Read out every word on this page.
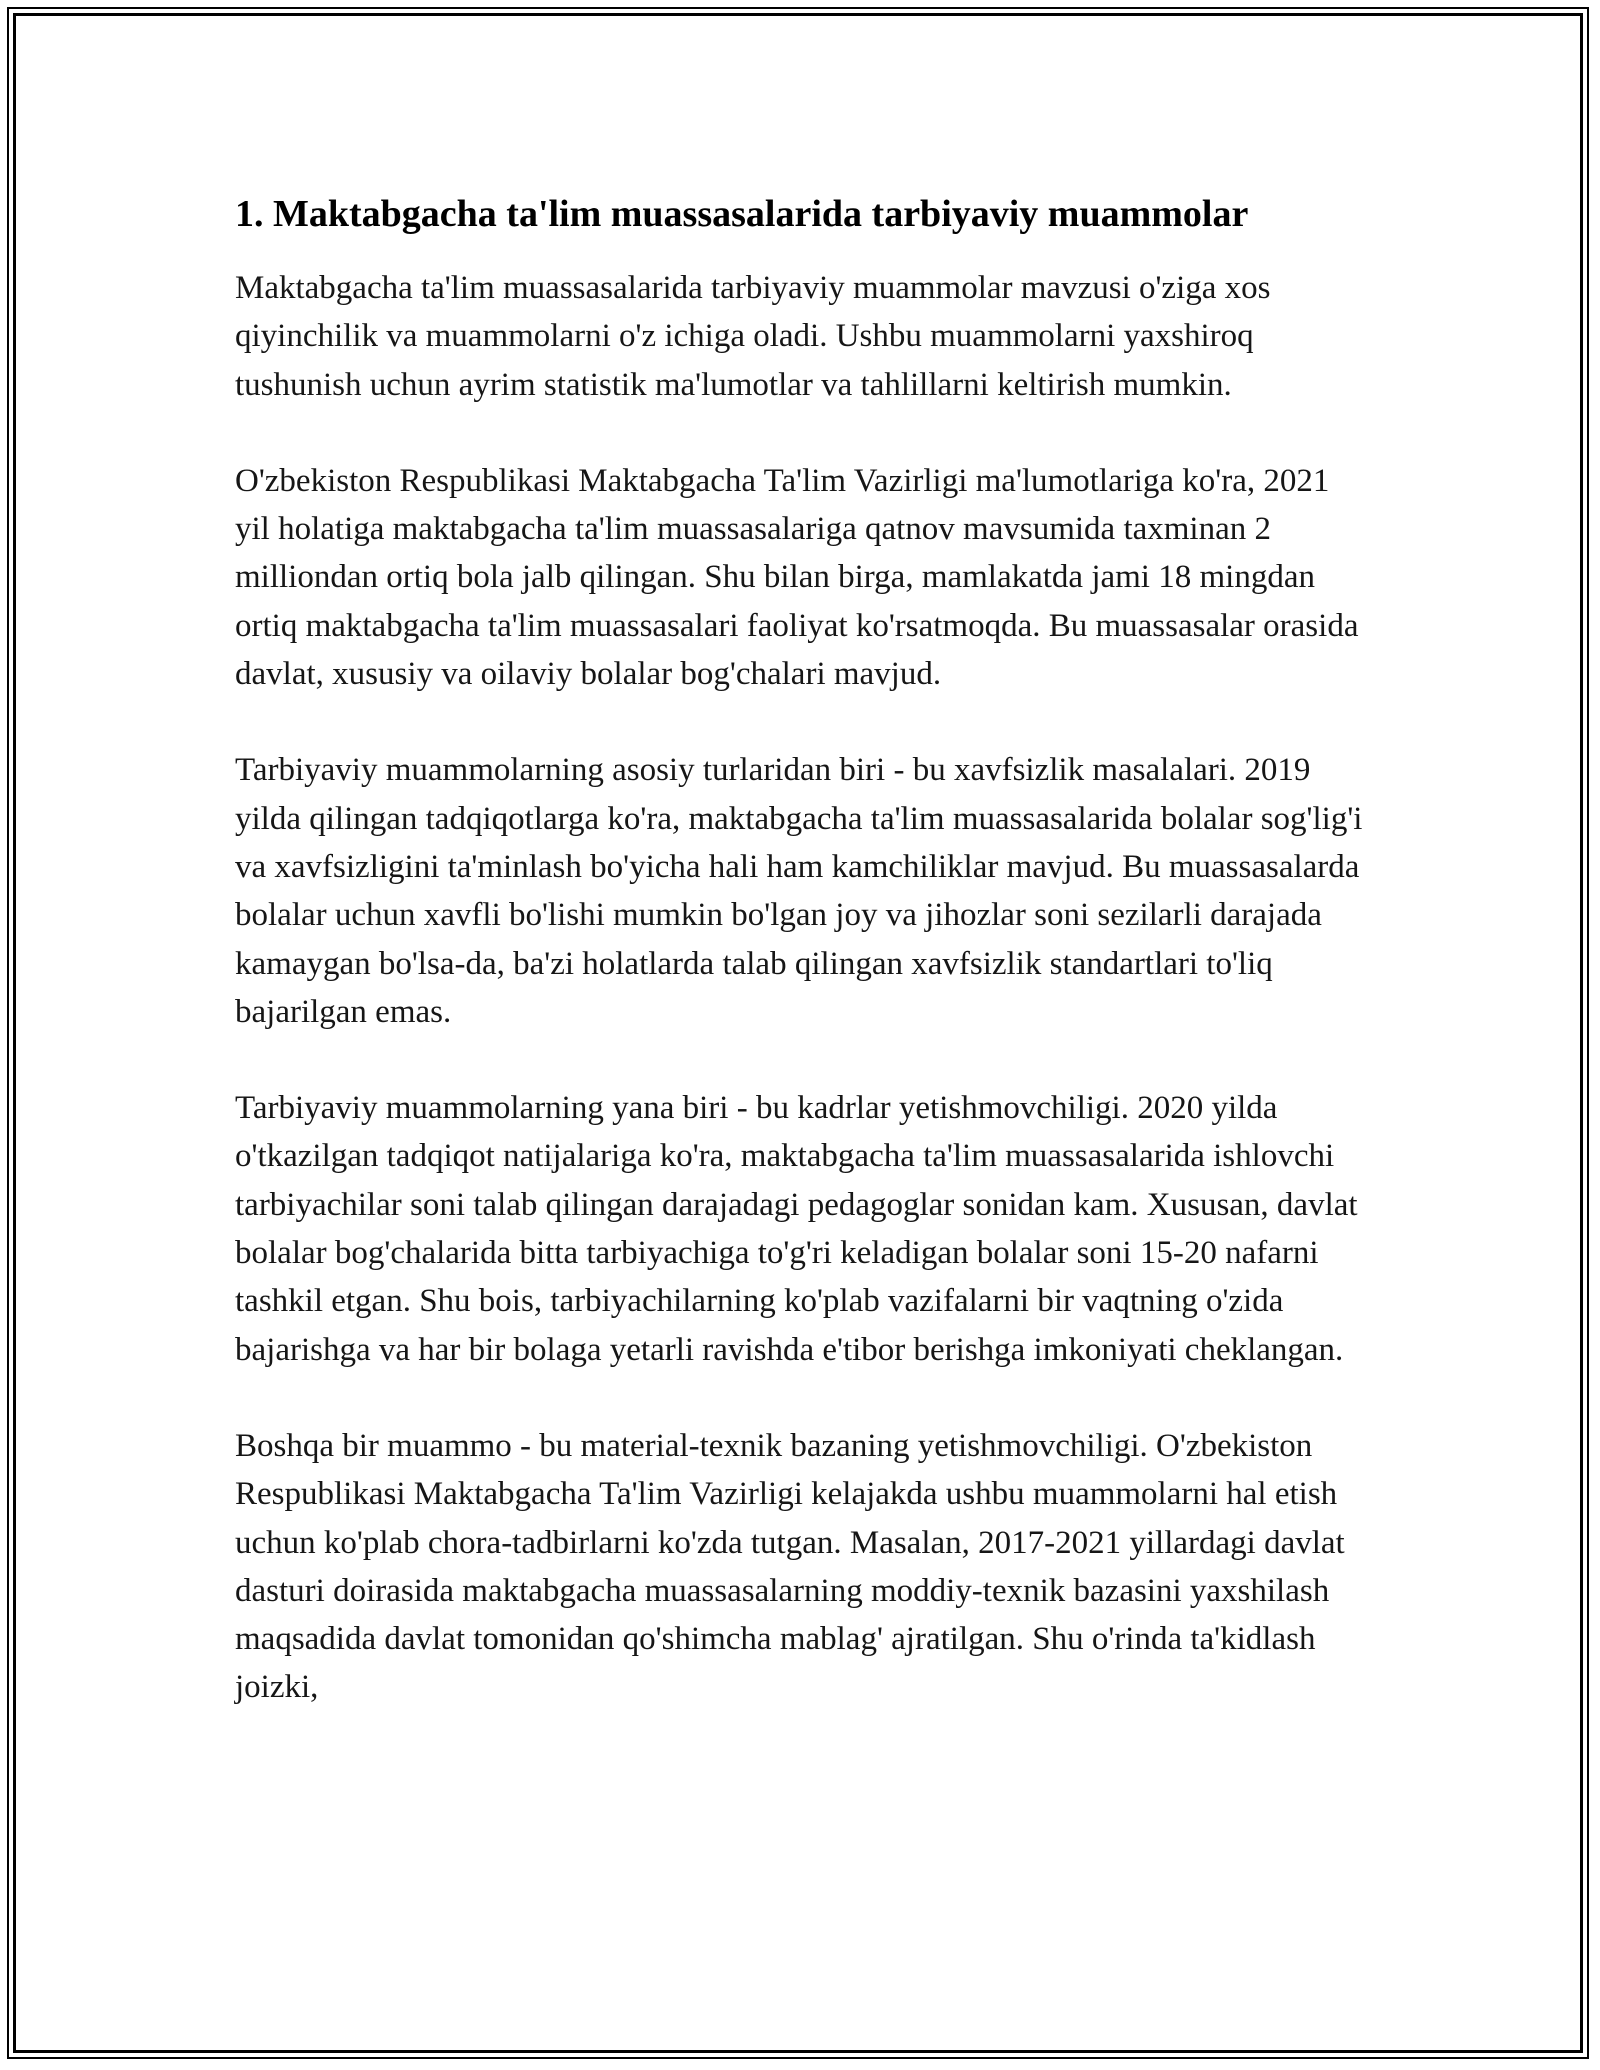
1. Maktabgacha ta'lim muassasalarida tarbiyaviy muammolar

Maktabgacha ta'lim muassasalarida tarbiyaviy muammolar mavzusi o'ziga xos qiyinchilik va muammolarni o'z ichiga oladi. Ushbu muammolarni yaxshiroq tushunish uchun ayrim statistik ma'lumotlar va tahlillarni keltirish mumkin.

O'zbekiston Respublikasi Maktabgacha Ta'lim Vazirligi ma'lumotlariga ko'ra, 2021 yil holatiga maktabgacha ta'lim muassasalariga qatnov mavsumida taxminan 2 milliondan ortiq bola jalb qilingan. Shu bilan birga, mamlakatda jami 18 mingdan ortiq maktabgacha ta'lim muassasalari faoliyat ko'rsatmoqda. Bu muassasalar orasida davlat, xususiy va oilaviy bolalar bog'chalari mavjud.

Tarbiyaviy muammolarning asosiy turlaridan biri - bu xavfsizlik masalalari. 2019 yilda qilingan tadqiqotlarga ko'ra, maktabgacha ta'lim muassasalarida bolalar sog'lig'i va xavfsizligini ta'minlash bo'yicha hali ham kamchiliklar mavjud. Bu muassasalarda bolalar uchun xavfli bo'lishi mumkin bo'lgan joy va jihozlar soni sezilarli darajada kamaygan bo'lsa-da, ba'zi holatlarda talab qilingan xavfsizlik standartlari to'liq bajarilgan emas.

Tarbiyaviy muammolarning yana biri - bu kadrlar yetishmovchiligi. 2020 yilda o'tkazilgan tadqiqot natijalariga ko'ra, maktabgacha ta'lim muassasalarida ishlovchi tarbiyachilar soni talab qilingan darajadagi pedagoglar sonidan kam. Xususan, davlat bolalar bog'chalarida bitta tarbiyachiga to'g'ri keladigan bolalar soni 15-20 nafarni tashkil etgan. Shu bois, tarbiyachilarning ko'plab vazifalarni bir vaqtning o'zida bajarishga va har bir bolaga yetarli ravishda e'tibor berishga imkoniyati cheklangan.

Boshqa bir muammo - bu material-texnik bazaning yetishmovchiligi. O'zbekiston Respublikasi Maktabgacha Ta'lim Vazirligi kelajakda ushbu muammolarni hal etish uchun ko'plab chora-tadbirlarni ko'zda tutgan. Masalan, 2017-2021 yillardagi davlat dasturi doirasida maktabgacha muassasalarning moddiy-texnik bazasini yaxshilash maqsadida davlat tomonidan qo'shimcha mablag' ajratilgan. Shu o'rinda ta'kidlash joizki,
